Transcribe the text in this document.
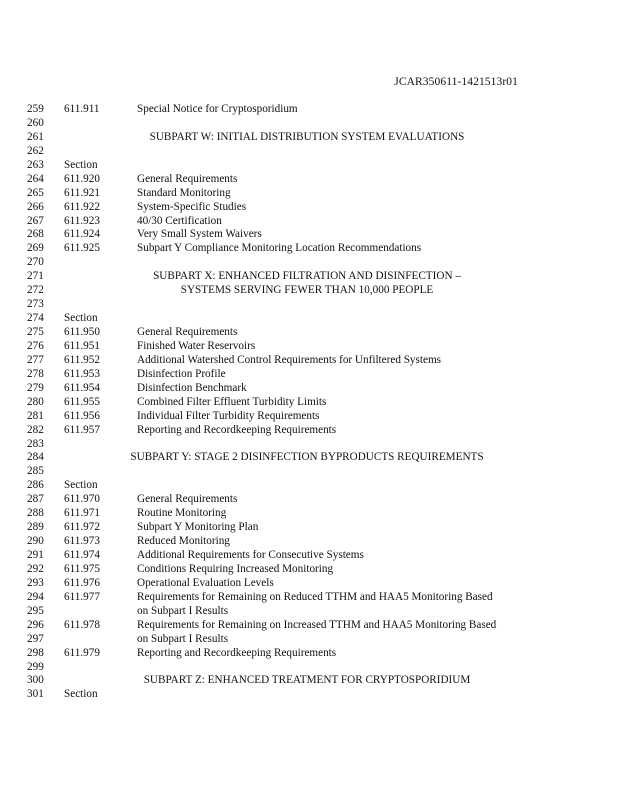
JCAR350611-1421513r01
259 611.911	Special Notice for Cryptosporidium
260
261	SUBPART W: INITIAL DISTRIBUTION SYSTEM EVALUATIONS
262
263 Section
264 611.920	General Requirements
265 611.921	Standard Monitoring
266 611.922	System-Specific Studies
267 611.923	40/30 Certification
268 611.924	Very Small System Waivers
269 611.925	Subpart Y Compliance Monitoring Location Recommendations
270
271	SUBPART X: ENHANCED FILTRATION AND DISINFECTION –
272	SYSTEMS SERVING FEWER THAN 10,000 PEOPLE
273
274 Section
275 611.950	General Requirements
276 611.951	Finished Water Reservoirs
277 611.952	Additional Watershed Control Requirements for Unfiltered Systems
278 611.953	Disinfection Profile
279 611.954	Disinfection Benchmark
280 611.955	Combined Filter Effluent Turbidity Limits
281 611.956	Individual Filter Turbidity Requirements
282 611.957	Reporting and Recordkeeping Requirements
283
284	SUBPART Y: STAGE 2 DISINFECTION BYPRODUCTS REQUIREMENTS
285
286 Section
287 611.970	General Requirements
288 611.971	Routine Monitoring
289 611.972	Subpart Y Monitoring Plan
290 611.973	Reduced Monitoring
291 611.974	Additional Requirements for Consecutive Systems
292 611.975	Conditions Requiring Increased Monitoring
293 611.976	Operational Evaluation Levels
294 611.977	Requirements for Remaining on Reduced TTHM and HAA5 Monitoring Based
295	on Subpart I Results
296 611.978	Requirements for Remaining on Increased TTHM and HAA5 Monitoring Based
297	on Subpart I Results
298 611.979	Reporting and Recordkeeping Requirements
299
300	SUBPART Z: ENHANCED TREATMENT FOR CRYPTOSPORIDIUM
301 Section
